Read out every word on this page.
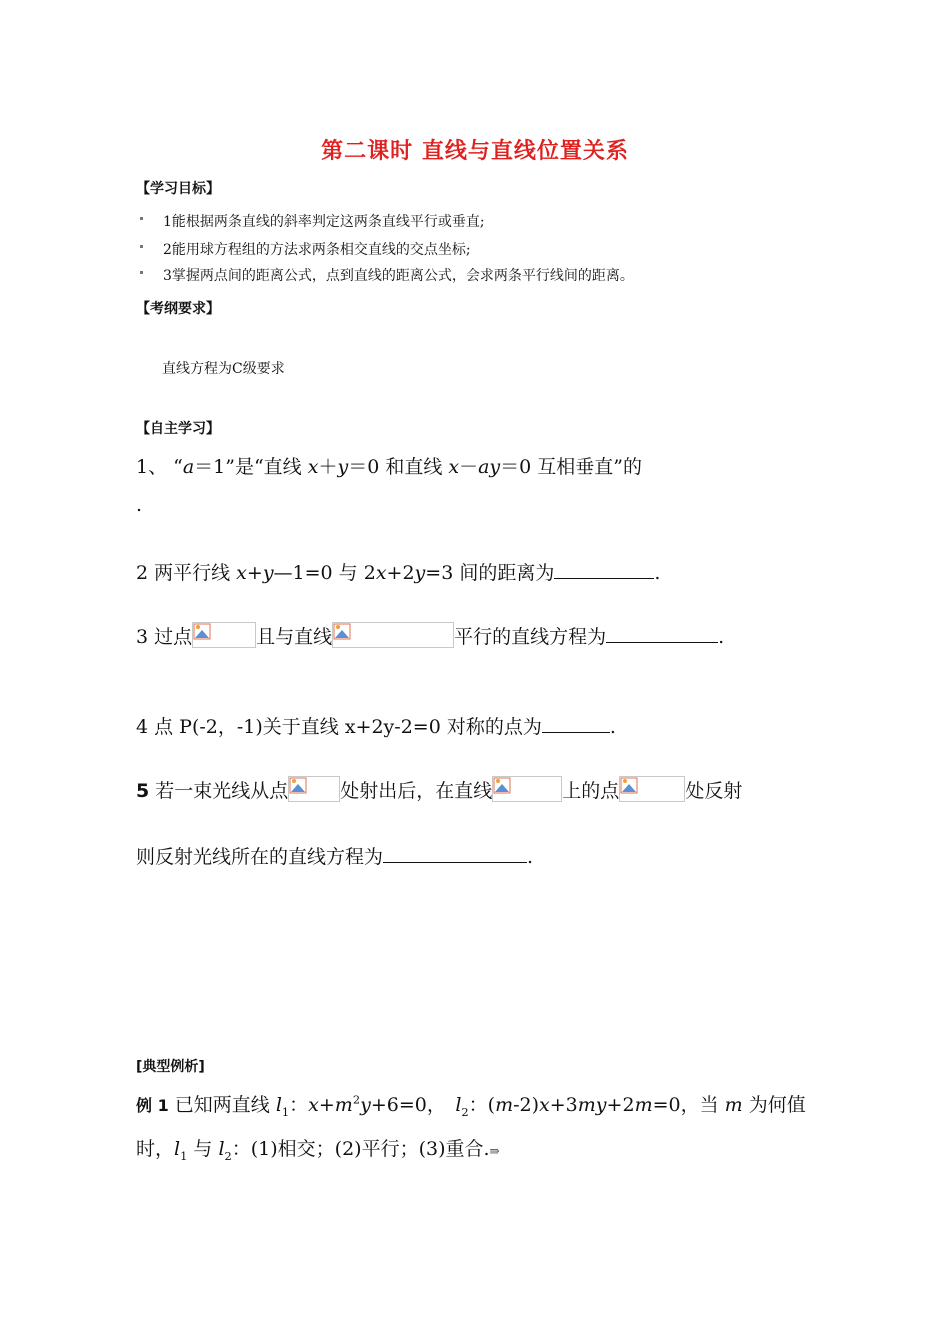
第二课时 直线与直线位置关系
【学习目标】
1能根据两条直线的斜率判定这两条直线平行或垂直;
2能用球方程组的方法求两条相交直线的交点坐标;
3掌握两点间的距离公式，点到直线的距离公式，会求两条平行线间的距离。
【考纲要求】
直线方程为C级要求
【自主学习】
1、 “a＝1”是“直线 x＋y＝0 和直线 x－ay＝0 互相垂直”的
.
2 两平行线 x+y—1=0 与 2x+2y=3 间的距离为	.
3 过点	且与直线	平行的直线方程为	.
4 点 P(-2，-1)关于直线 x+2y-2=0 对称的点为	.
5 若一束光线从点	处射出后，在直线	上的点	处反射
则反射光线所在的直线方程为	.
[典型例析]
例 1 已知两直线 $l_1$：$x+m^2y+6=0$，　$l_2$：(m-2)x+3my+2m=0，当 m 为何值
时，$l_1$ 与 $l_2$：(1)相交；(2)平行；(3)重合.⇛
